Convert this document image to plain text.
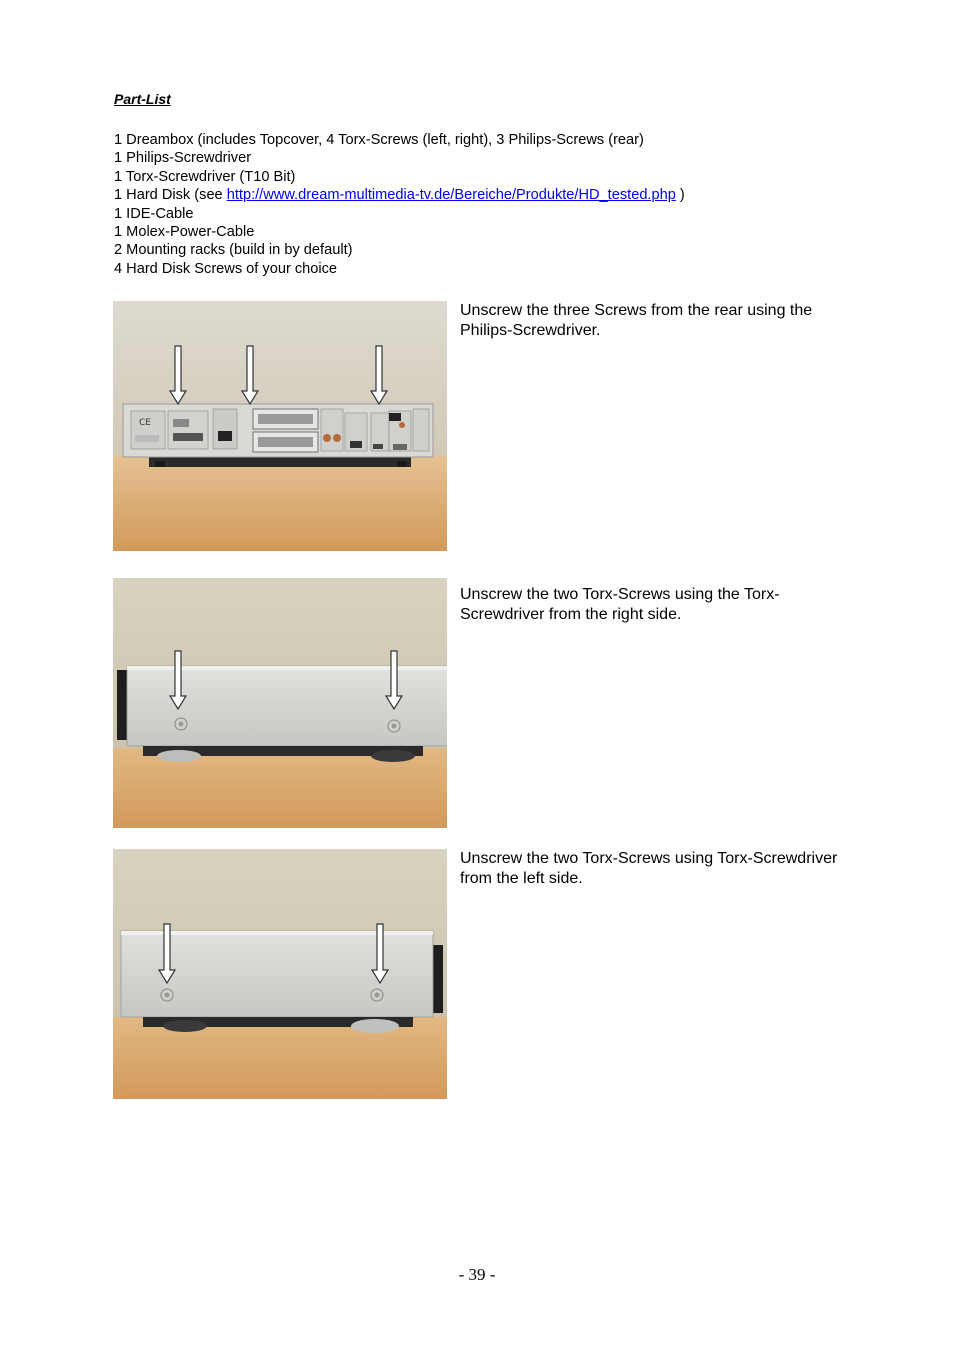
Part-List
1 Dreambox (includes Topcover, 4 Torx-Screws (left, right), 3 Philips-Screws (rear)
1 Philips-Screwdriver
1 Torx-Screwdriver (T10 Bit)
1 Hard Disk (see http://www.dream-multimedia-tv.de/Bereiche/Produkte/HD_tested.php )
1 IDE-Cable
1 Molex-Power-Cable
2 Mounting racks (build in by default)
4 Hard Disk Screws of your choice
CE
Unscrew the three Screws from the rear using the Philips-Screwdriver.
Unscrew the two Torx-Screws using the Torx-Screwdriver from the right side.
Unscrew the two Torx-Screws using Torx-Screwdriver from the left side.
- 39 -
